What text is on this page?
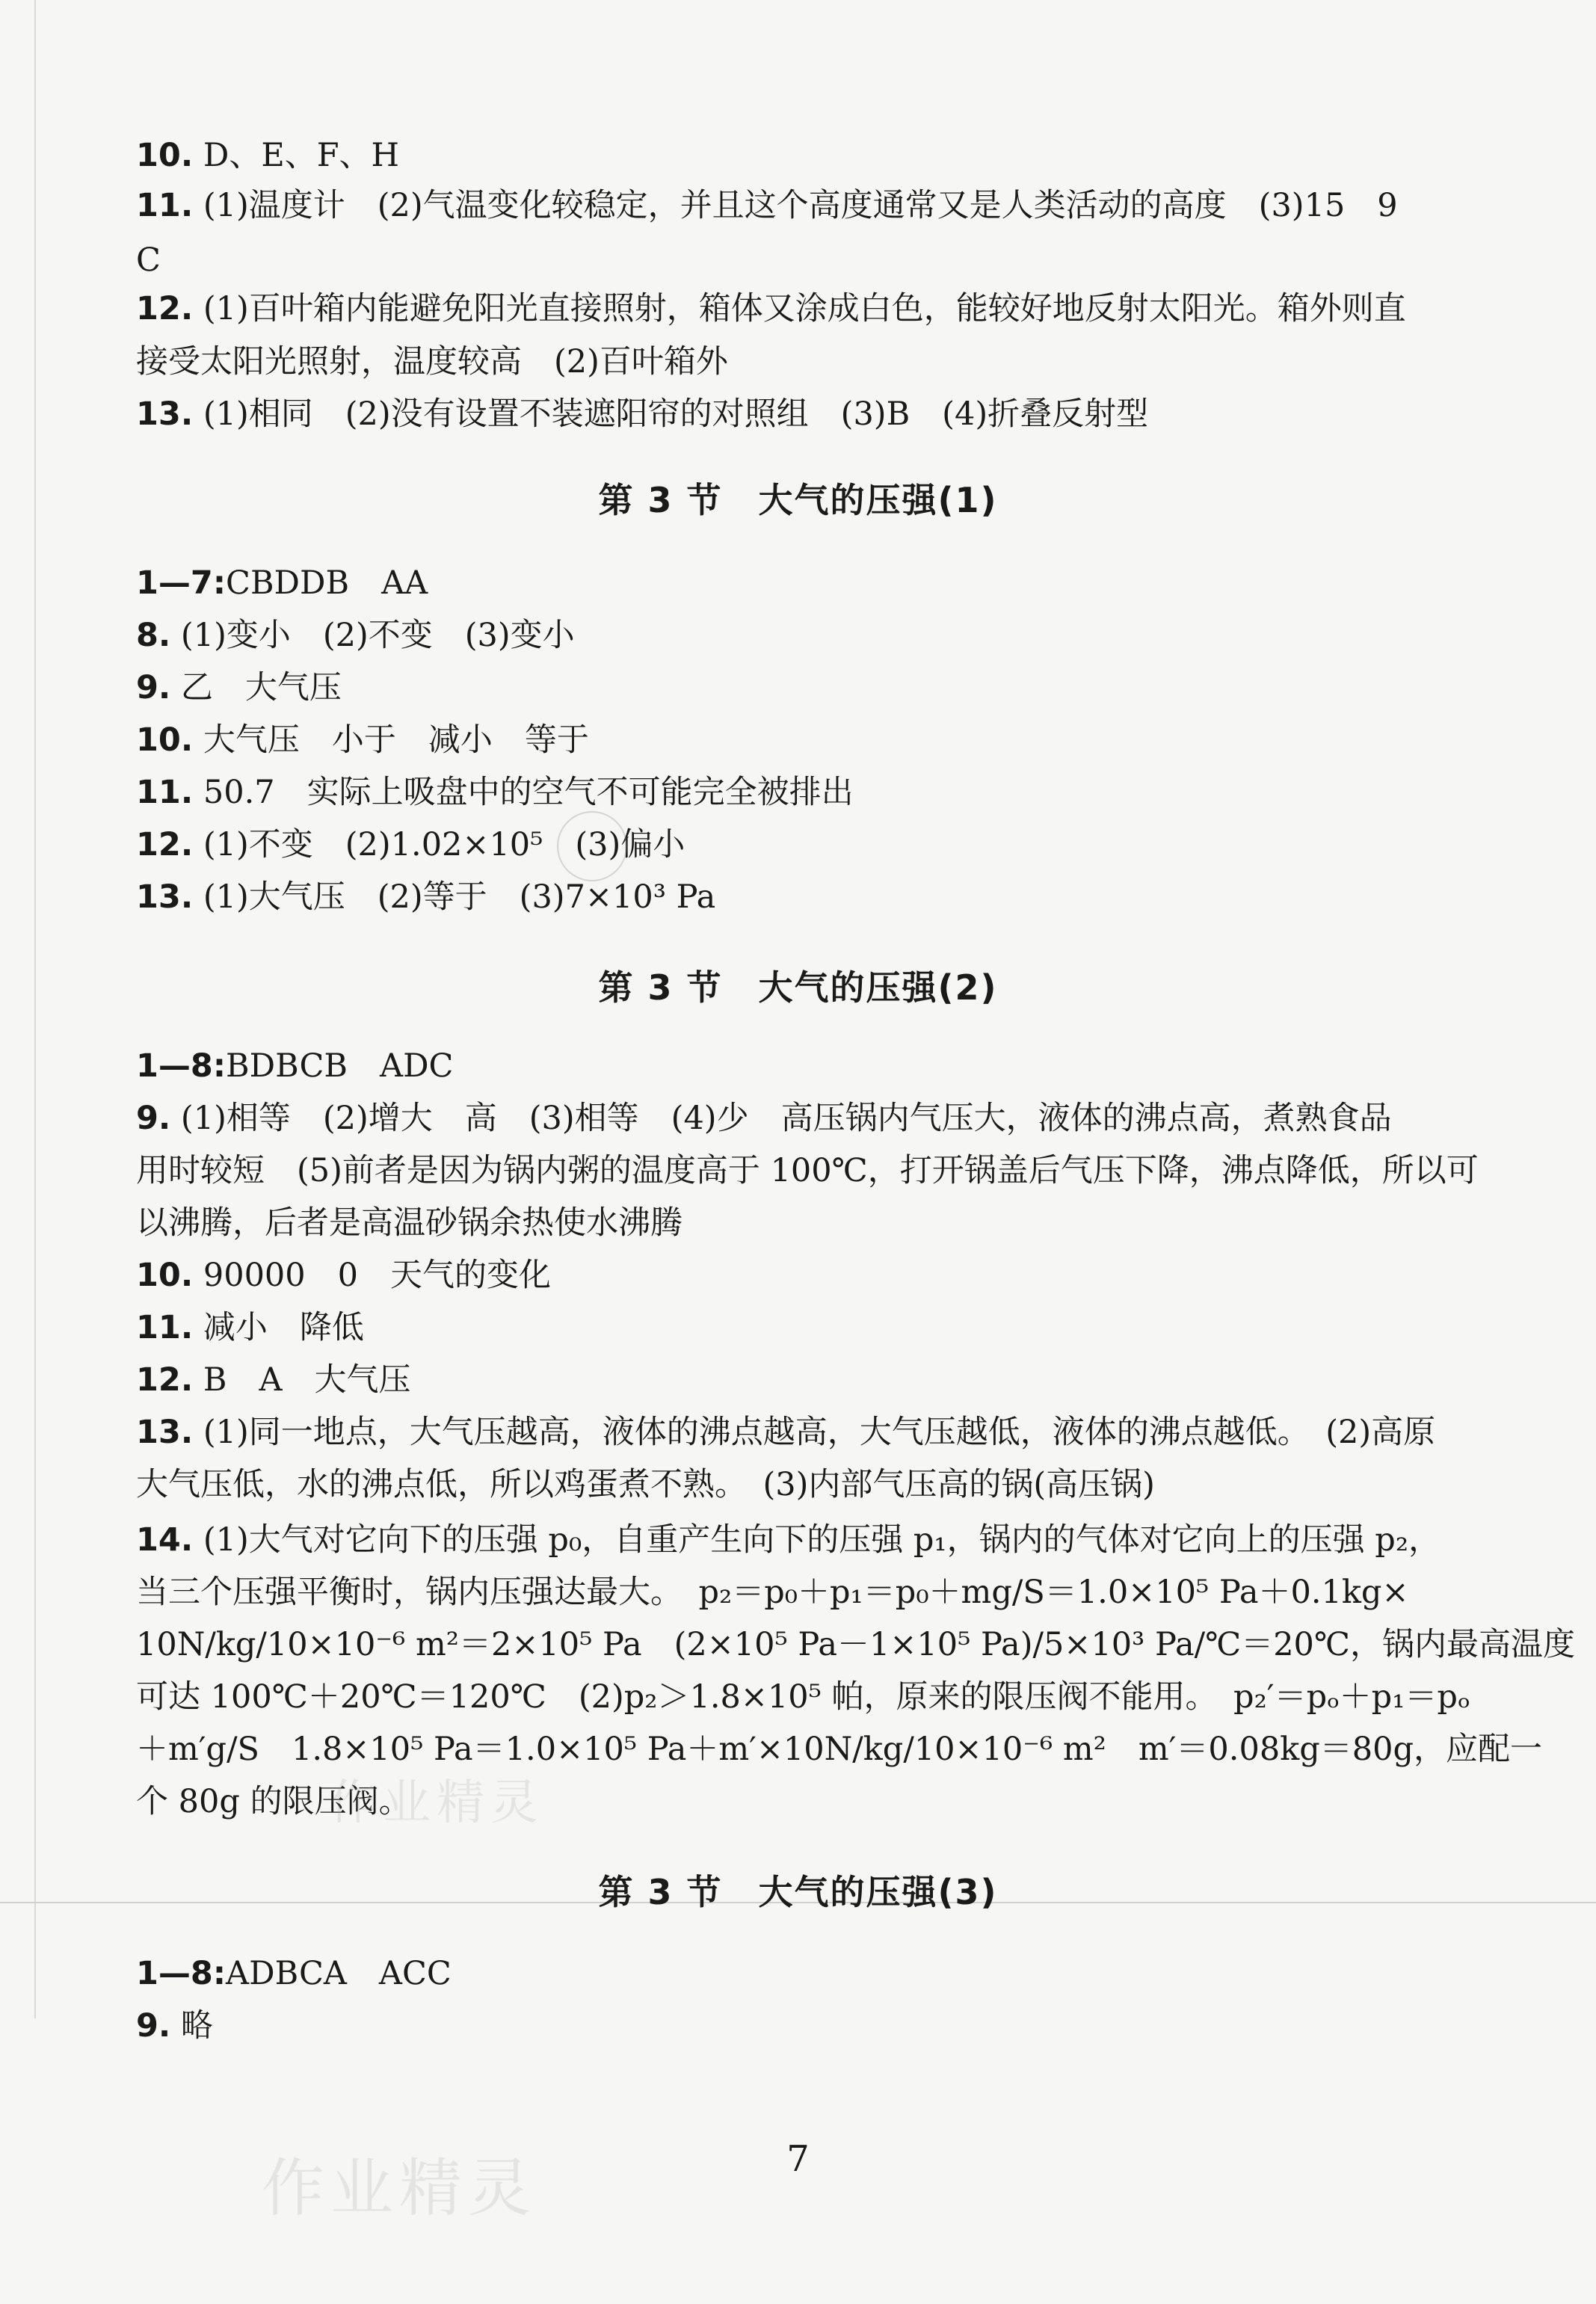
10. D、E、F、H
11. (1)温度计　(2)气温变化较稳定，并且这个高度通常又是人类活动的高度　(3)15　9
C
12. (1)百叶箱内能避免阳光直接照射，箱体又涂成白色，能较好地反射太阳光。箱外则直
接受太阳光照射，温度较高　(2)百叶箱外
13. (1)相同　(2)没有设置不装遮阳帘的对照组　(3)B　(4)折叠反射型
第 3 节　大气的压强(1)
1—7:CBDDB　AA
8. (1)变小　(2)不变　(3)变小
9. 乙　大气压
10. 大气压　小于　减小　等于
11. 50.7　实际上吸盘中的空气不可能完全被排出
12. (1)不变　(2)1.02×10⁵　(3)偏小
13. (1)大气压　(2)等于　(3)7×10³ Pa
第 3 节　大气的压强(2)
1—8:BDBCB　ADC
9. (1)相等　(2)增大　高　(3)相等　(4)少　高压锅内气压大，液体的沸点高，煮熟食品
用时较短　(5)前者是因为锅内粥的温度高于 100℃，打开锅盖后气压下降，沸点降低，所以可
以沸腾，后者是高温砂锅余热使水沸腾
10. 90000　0　天气的变化
11. 减小　降低
12. B　A　大气压
13. (1)同一地点，大气压越高，液体的沸点越高，大气压越低，液体的沸点越低。　(2)高原
大气压低，水的沸点低，所以鸡蛋煮不熟。　(3)内部气压高的锅(高压锅)
14. (1)大气对它向下的压强 p₀，自重产生向下的压强 p₁，锅内的气体对它向上的压强 p₂，
当三个压强平衡时，锅内压强达最大。　p₂＝p₀＋p₁＝p₀＋mg/S＝1.0×10⁵ Pa＋0.1kg×
10N/kg/10×10⁻⁶ m²＝2×10⁵ Pa　(2×10⁵ Pa－1×10⁵ Pa)/5×10³ Pa/℃＝20℃，锅内最高温度
可达 100℃＋20℃＝120℃　(2)p₂＞1.8×10⁵ 帕，原来的限压阀不能用。　p₂′＝pₒ＋p₁＝pₒ
＋m′g/S　1.8×10⁵ Pa＝1.0×10⁵ Pa＋m′×10N/kg/10×10⁻⁶ m²　m′＝0.08kg＝80g，应配一
个 80g 的限压阀。
第 3 节　大气的压强(3)
1—8:ADBCA　ACC
9. 略
7
作业精灵
作业精灵
